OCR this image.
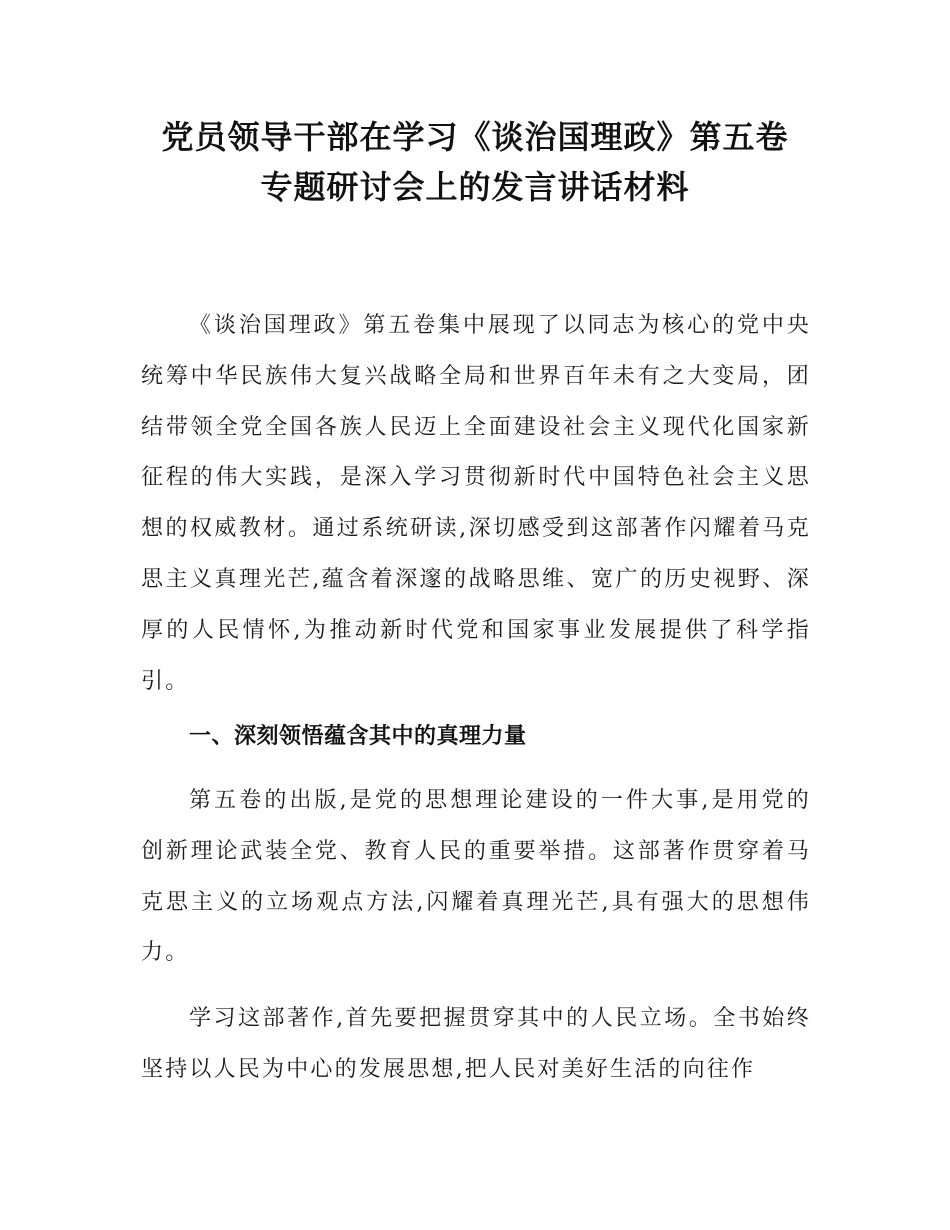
党员领导干部在学习《谈治国理政》第五卷
专题研讨会上的发言讲话材料

《谈治国理政》第五卷集中展现了以同志为核心的党中央统筹中华民族伟大复兴战略全局和世界百年未有之大变局，团结带领全党全国各族人民迈上全面建设社会主义现代化国家新征程的伟大实践，是深入学习贯彻新时代中国特色社会主义思想的权威教材。通过系统研读,深切感受到这部著作闪耀着马克思主义真理光芒,蕴含着深邃的战略思维、宽广的历史视野、深厚的人民情怀,为推动新时代党和国家事业发展提供了科学指引。

一、深刻领悟蕴含其中的真理力量

第五卷的出版,是党的思想理论建设的一件大事,是用党的创新理论武装全党、教育人民的重要举措。这部著作贯穿着马克思主义的立场观点方法,闪耀着真理光芒,具有强大的思想伟力。

学习这部著作,首先要把握贯穿其中的人民立场。全书始终坚持以人民为中心的发展思想,把人民对美好生活的向往作
